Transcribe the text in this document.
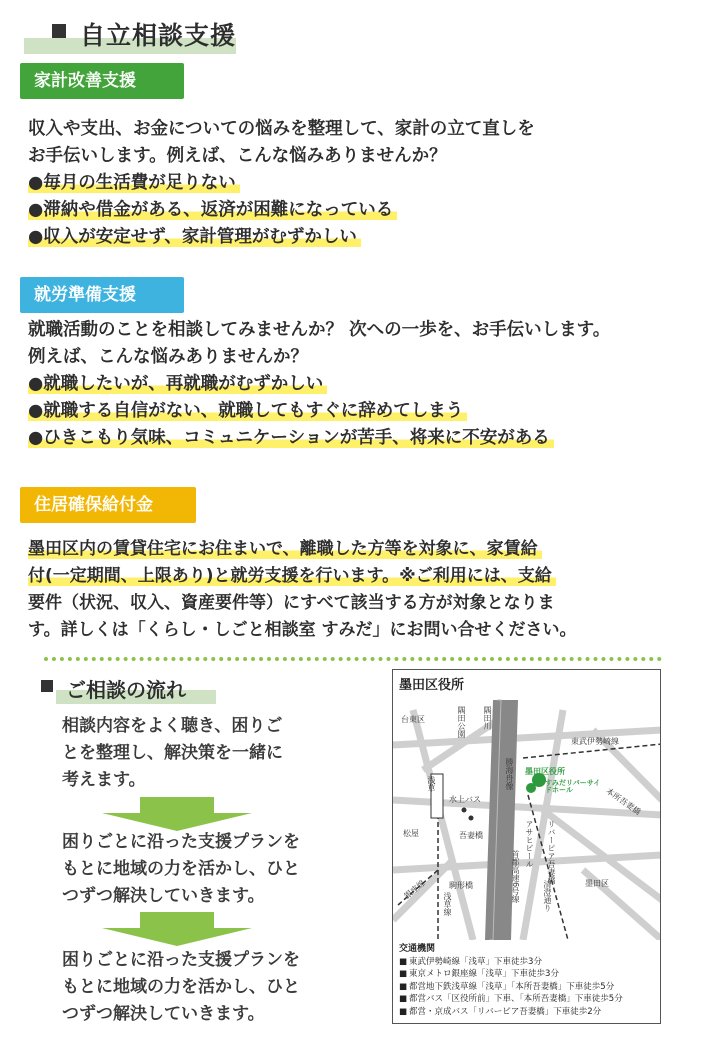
自立相談支援
家計改善支援
収入や支出、お金についての悩みを整理して、家計の立て直しを
お手伝いします。例えば、こんな悩みありませんか？
●毎月の生活費が足りない
●滞納や借金がある、返済が困難になっている
●収入が安定せず、家計管理がむずかしい
就労準備支援
就職活動のことを相談してみませんか？ 次への一歩を、お手伝いします。
例えば、こんな悩みありませんか？
●就職したいが、再就職がむずかしい
●就職する自信がない、就職してもすぐに辞めてしまう
●ひきこもり気味、コミュニケーションが苦手、将来に不安がある
住居確保給付金
墨田区内の賃貸住宅にお住まいで、離職した方等を対象に、家賃給
付(一定期間、上限あり)と就労支援を行います。※ご利用には、支給
要件（状況、収入、資産要件等）にすべて該当する方が対象となりま
す。詳しくは「くらし・しごと相談室 すみだ」にお問い合せください。
ご相談の流れ
相談内容をよく聴き、困りご
とを整理し、解決策を一緒に
考えます。
困りごとに沿った支援プランを
もとに地域の力を活かし、ひと
つずつ解決していきます。
困りごとに沿った支援プランを
もとに地域の力を活かし、ひと
つずつ解決していきます。
墨田区役所
台東区	隅田公園 隅田川
東武伊勢崎線
墨田区役所
すみだリバーサイドホール
浅草
松屋
水上バス
勝海舟像
吾妻橋	アサヒビール リバーピア吾妻橋
本所吾妻橋
首都高速6号線	清澄通り
駒形橋
銀座線
浅草線
墨田区
交通機関
■ 東武伊勢崎線「浅草」下車徒歩3分
■ 東京メトロ銀座線「浅草」下車徒歩3分
■ 都営地下鉄浅草線「浅草」「本所吾妻橋」下車徒歩5分
■ 都営バス「区役所前」下車、「本所吾妻橋」下車徒歩5分
■ 都営・京成バス「リバーピア吾妻橋」下車徒歩2分
